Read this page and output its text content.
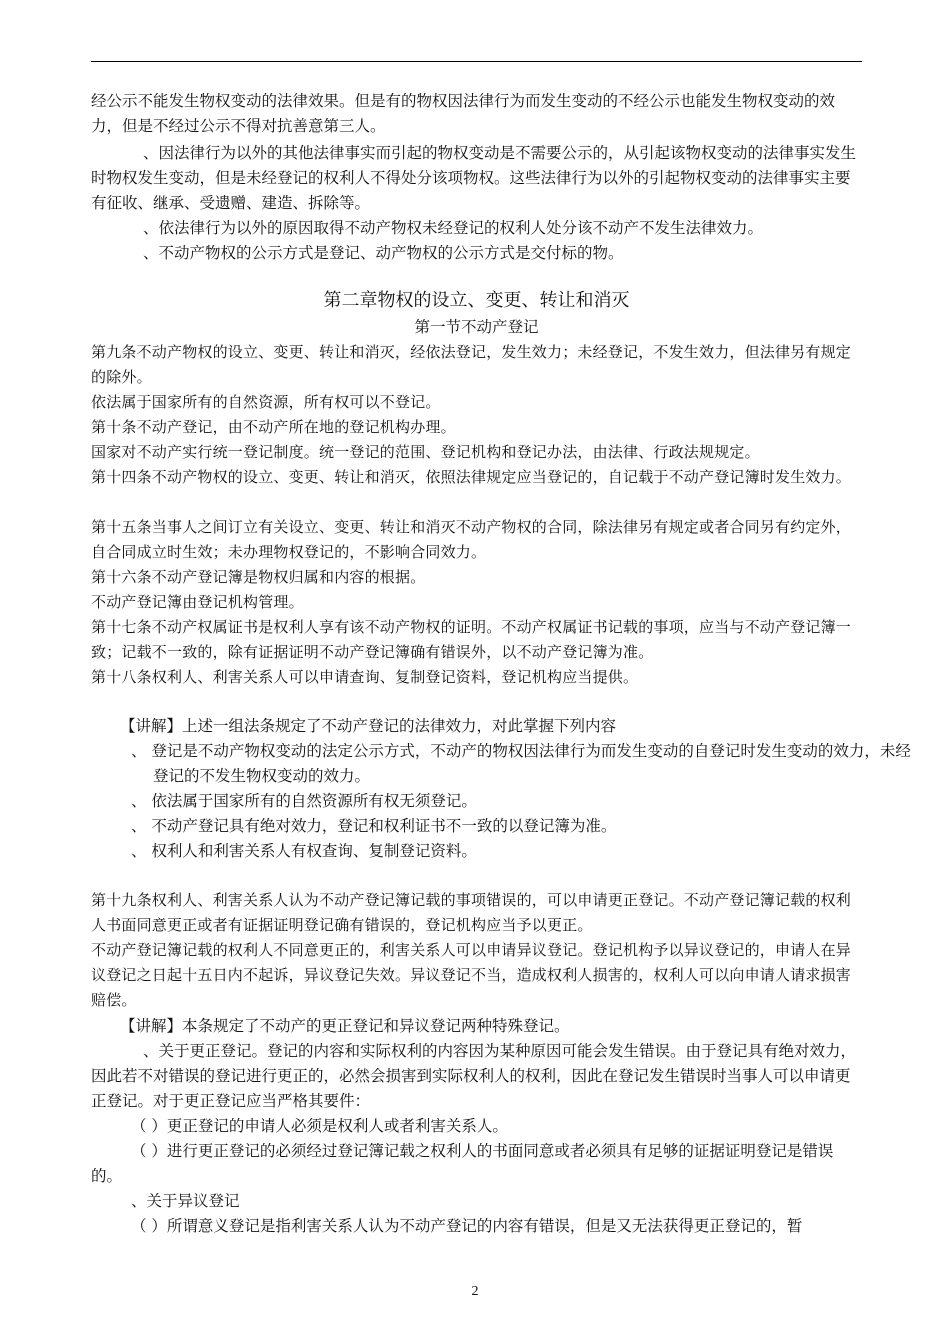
经公示不能发生物权变动的法律效果。但是有的物权因法律行为而发生变动的不经公示也能发生物权变动的效力，但是不经过公示不得对抗善意第三人。
、因法律行为以外的其他法律事实而引起的物权变动是不需要公示的，从引起该物权变动的法律事实发生时物权发生变动，但是未经登记的权利人不得处分该项物权。这些法律行为以外的引起物权变动的法律事实主要有征收、继承、受遗赠、建造、拆除等。
、依法律行为以外的原因取得不动产物权未经登记的权利人处分该不动产不发生法律效力。
、不动产物权的公示方式是登记、动产物权的公示方式是交付标的物。
第二章物权的设立、变更、转让和消灭
第一节不动产登记
第九条不动产物权的设立、变更、转让和消灭，经依法登记，发生效力；未经登记，不发生效力，但法律另有规定的除外。
依法属于国家所有的自然资源，所有权可以不登记。
第十条不动产登记，由不动产所在地的登记机构办理。
国家对不动产实行统一登记制度。统一登记的范围、登记机构和登记办法，由法律、行政法规规定。
第十四条不动产物权的设立、变更、转让和消灭，依照法律规定应当登记的，自记载于不动产登记簿时发生效力。
第十五条当事人之间订立有关设立、变更、转让和消灭不动产物权的合同，除法律另有规定或者合同另有约定外，自合同成立时生效；未办理物权登记的，不影响合同效力。
第十六条不动产登记簿是物权归属和内容的根据。
不动产登记簿由登记机构管理。
第十七条不动产权属证书是权利人享有该不动产物权的证明。不动产权属证书记载的事项，应当与不动产登记簿一致；记载不一致的，除有证据证明不动产登记簿确有错误外，以不动产登记簿为准。
第十八条权利人、利害关系人可以申请查询、复制登记资料，登记机构应当提供。
【讲解】上述一组法条规定了不动产登记的法律效力，对此掌握下列内容
、 登记是不动产物权变动的法定公示方式，不动产的物权因法律行为而发生变动的自登记时发生变动的效力，未经登记的不发生物权变动的效力。
、 依法属于国家所有的自然资源所有权无须登记。
、 不动产登记具有绝对效力，登记和权利证书不一致的以登记簿为准。
、 权利人和利害关系人有权查询、复制登记资料。
第十九条权利人、利害关系人认为不动产登记簿记载的事项错误的，可以申请更正登记。不动产登记簿记载的权利人书面同意更正或者有证据证明登记确有错误的，登记机构应当予以更正。
不动产登记簿记载的权利人不同意更正的，利害关系人可以申请异议登记。登记机构予以异议登记的，申请人在异议登记之日起十五日内不起诉，异议登记失效。异议登记不当，造成权利人损害的，权利人可以向申请人请求损害赔偿。
【讲解】本条规定了不动产的更正登记和异议登记两种特殊登记。
、关于更正登记。登记的内容和实际权利的内容因为某种原因可能会发生错误。由于登记具有绝对效力，因此若不对错误的登记进行更正的，必然会损害到实际权利人的权利，因此在登记发生错误时当事人可以申请更正登记。对于更正登记应当严格其要件：
（ ）更正登记的申请人必须是权利人或者利害关系人。
（ ）进行更正登记的必须经过登记簿记载之权利人的书面同意或者必须具有足够的证据证明登记是错误的。
、关于异议登记
（ ）所谓意义登记是指利害关系人认为不动产登记的内容有错误，但是又无法获得更正登记的，暂
2
